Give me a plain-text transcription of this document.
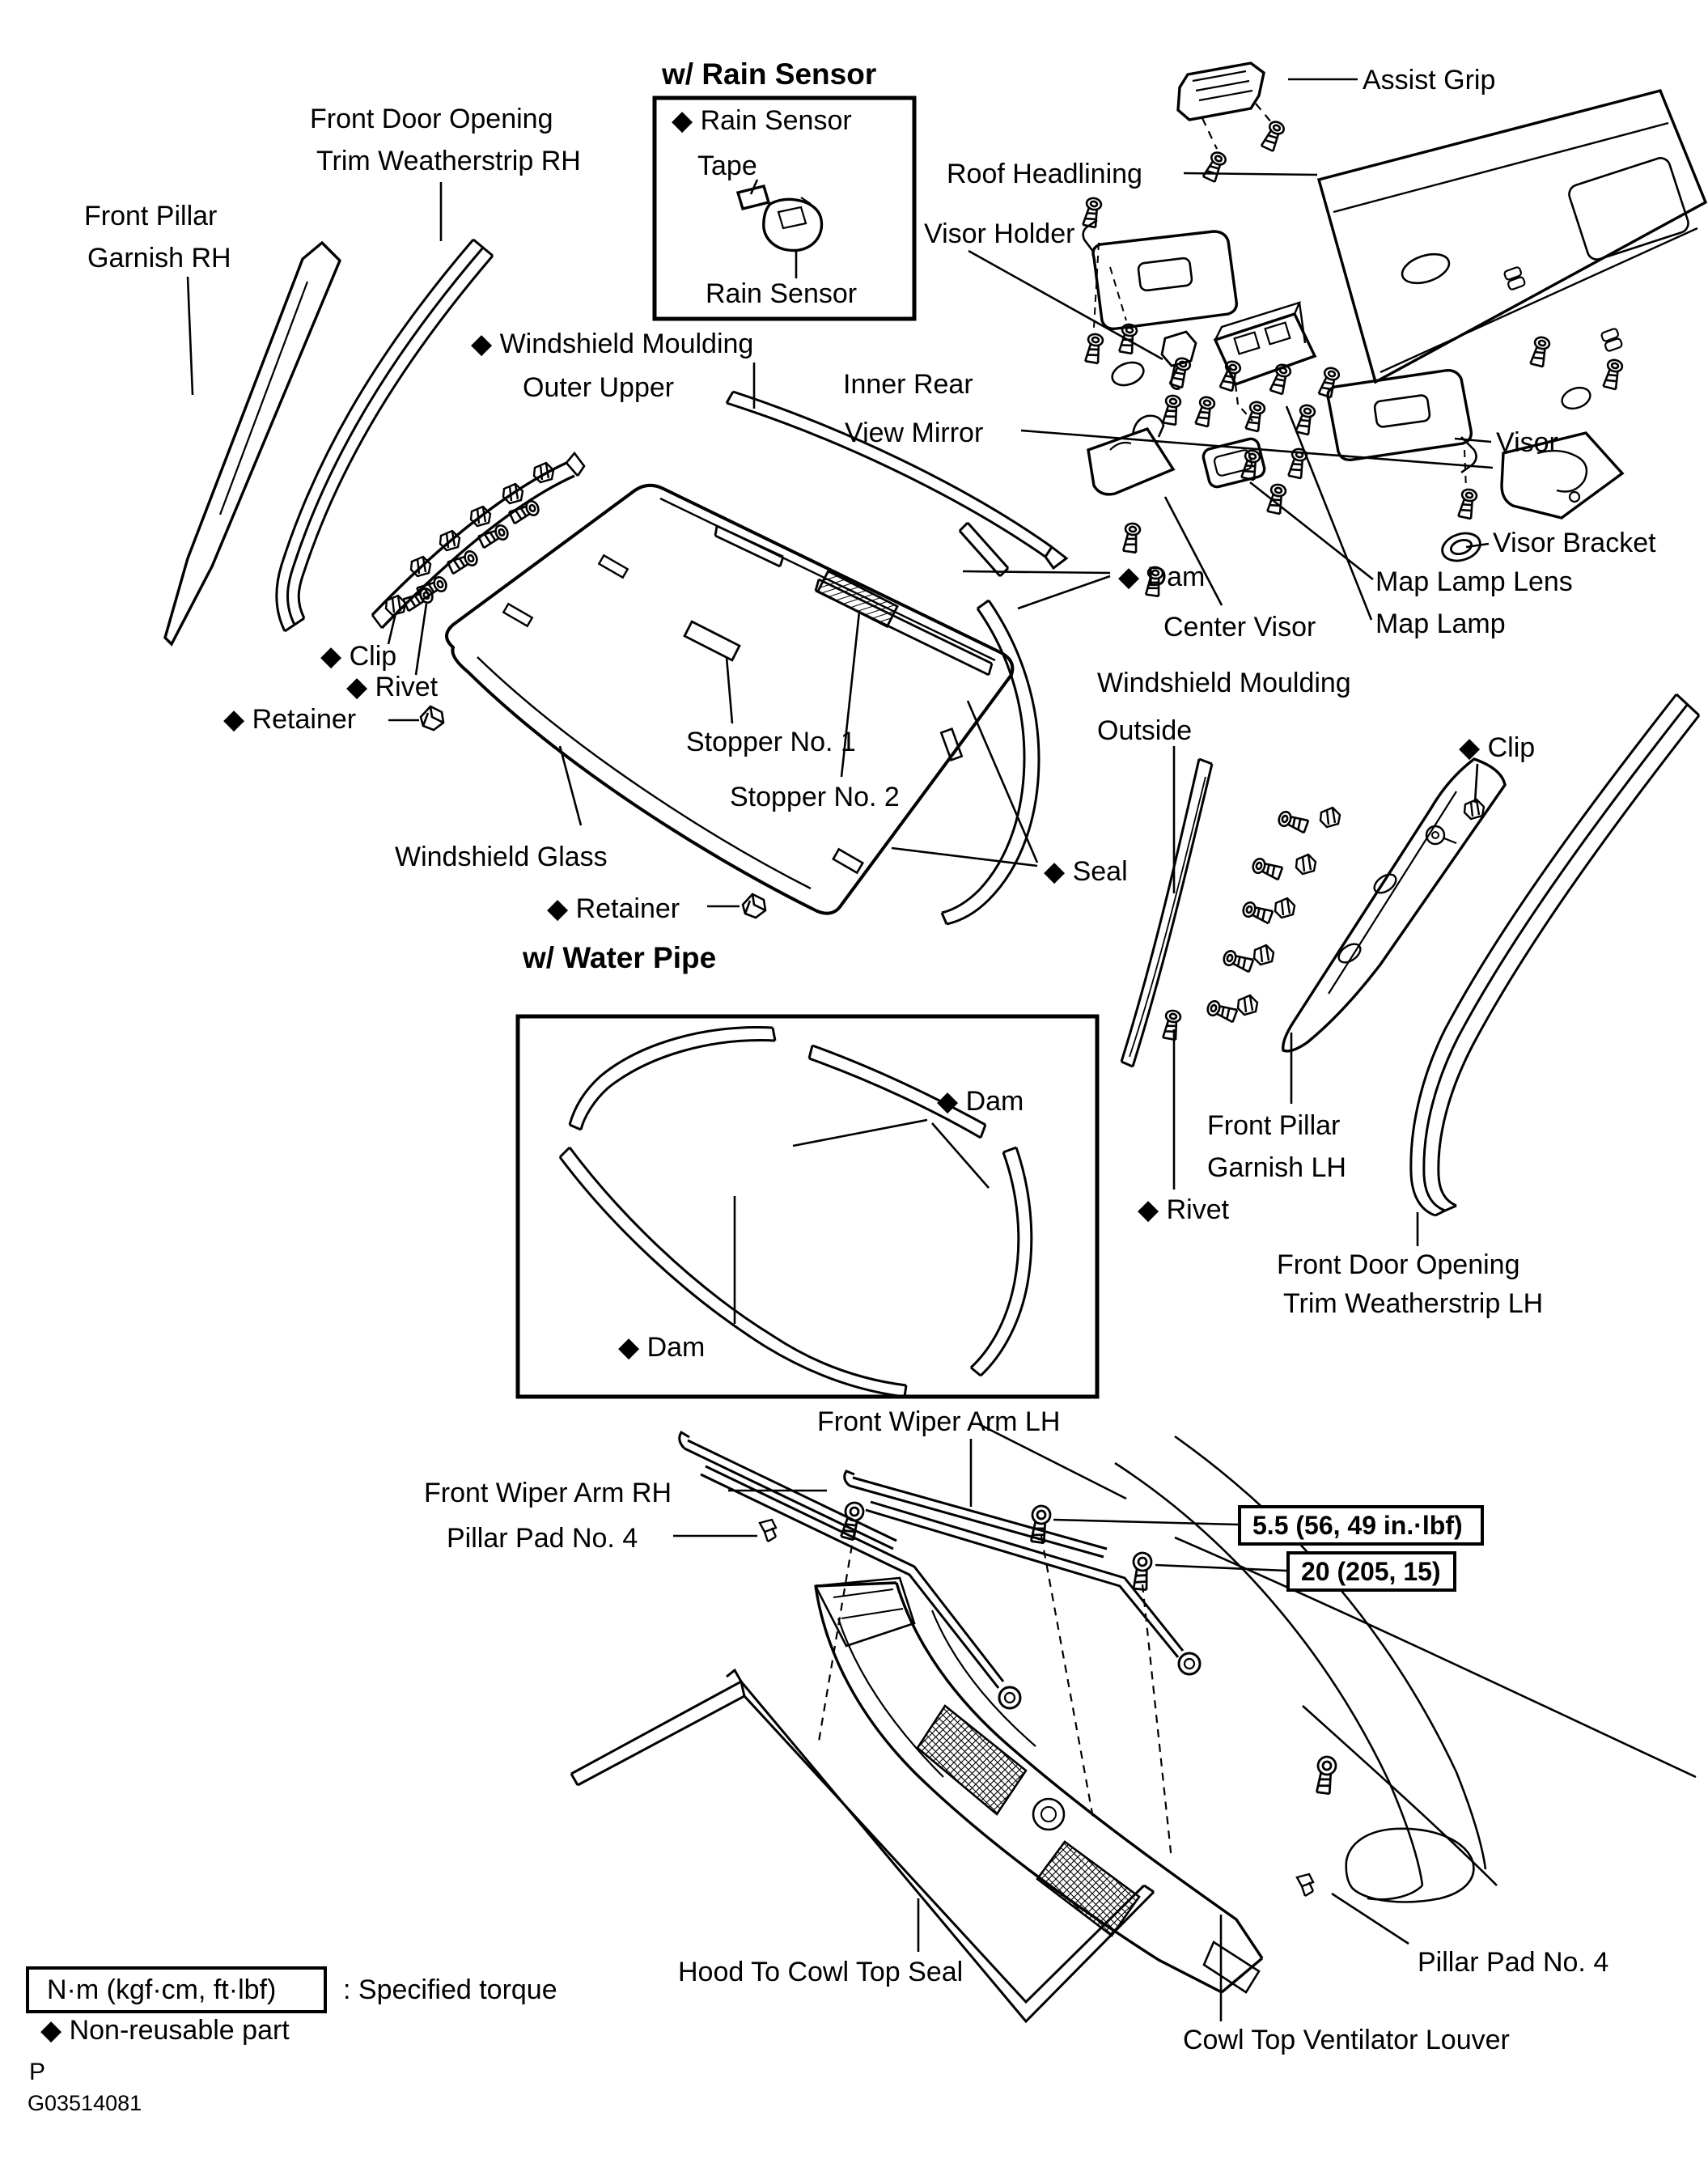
Front Door Opening
Trim Weatherstrip RH
Front Pillar
Garnish RH
w/ Rain Sensor
◆ Rain Sensor
Tape
Rain Sensor
Roof Headlining
Assist Grip
Visor Holder
◆ Windshield Moulding
Outer Upper	Inner Rear
View Mirror	Visor
Visor Bracket
Map Lamp Lens
Map Lamp
Center Visor
◆ Dam
◆ Clip
◆ Rivet
◆ Retainer
Stopper No. 1
Stopper No. 2
Windshield Glass
Windshield Moulding
Outside
◆ Clip
◆ Seal
◆ Retainer
w/ Water Pipe
◆ Dam
◆ Dam
◆ Rivet
Front Pillar
Garnish LH
Front Door Opening
Trim Weatherstrip LH
Front Wiper Arm LH
Front Wiper Arm RH
Pillar Pad No. 4	5.5 (56, 49 in.·lbf)
20 (205, 15)
Hood To Cowl Top Seal	Pillar Pad No. 4
Cowl Top Ventilator Louver
N·m (kgf·cm, ft·lbf) : Specified torque
◆ Non-reusable part
P
G03514081
